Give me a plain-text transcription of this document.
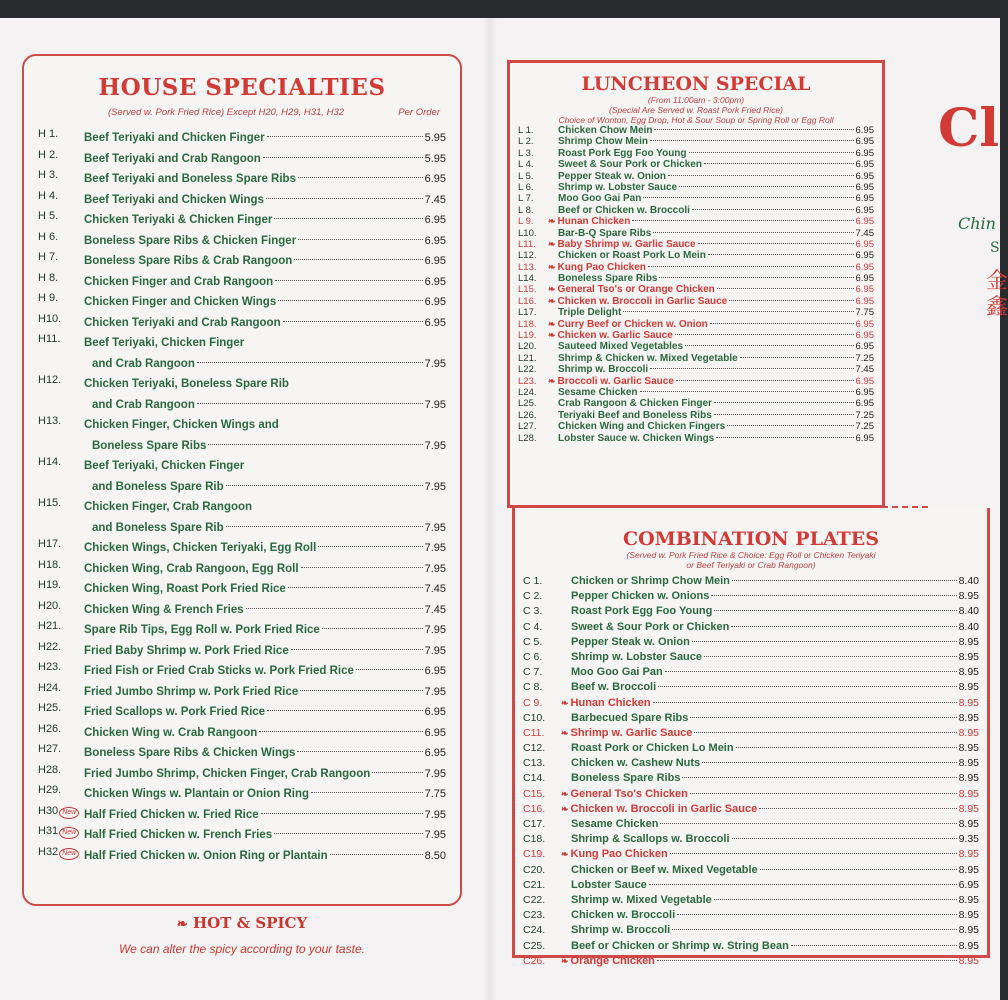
HOUSE SPECIALTIES
(Served w. Pork Fried Rice) Except H20, H29, H31, H32	Per Order
H 1.	Beef Teriyaki and Chicken Finger	5.95
H 2.	Beef Teriyaki and Crab Rangoon	5.95
H 3.	Beef Teriyaki and Boneless Spare Ribs	6.95
H 4.	Beef Teriyaki and Chicken Wings	7.45
H 5.	Chicken Teriyaki & Chicken Finger	6.95
H 6.	Boneless Spare Ribs & Chicken Finger	6.95
H 7.	Boneless Spare Ribs & Crab Rangoon	6.95
H 8.	Chicken Finger and Crab Rangoon	6.95
H 9.	Chicken Finger and Chicken Wings	6.95
H10.	Chicken Teriyaki and Crab Rangoon	6.95
H11.	Beef Teriyaki, Chicken Finger
and Crab Rangoon	7.95
H12.	Chicken Teriyaki, Boneless Spare Rib
and Crab Rangoon	7.95
H13.	Chicken Finger, Chicken Wings and
Boneless Spare Ribs	7.95
H14.	Beef Teriyaki, Chicken Finger
and Boneless Spare Rib	7.95
H15.	Chicken Finger, Crab Rangoon
and Boneless Spare Rib	7.95
H17.	Chicken Wings, Chicken Teriyaki, Egg Roll	7.95
H18.	Chicken Wing, Crab Rangoon, Egg Roll	7.95
H19.	Chicken Wing, Roast Pork Fried Rice	7.45
H20.	Chicken Wing & French Fries	7.45
H21.	Spare Rib Tips, Egg Roll w. Pork Fried Rice	7.95
H22.	Fried Baby Shrimp w. Pork Fried Rice	7.95
H23.	Fried Fish or Fried Crab Sticks w. Pork Fried Rice	6.95
H24.	Fried Jumbo Shrimp w. Pork Fried Rice	7.95
H25.	Fried Scallops w. Pork Fried Rice	6.95
H26.	Chicken Wing w. Crab Rangoon	6.95
H27.	Boneless Spare Ribs & Chicken Wings	6.95
H28.	Fried Jumbo Shrimp, Chicken Finger, Crab Rangoon	7.95
H29.	Chicken Wings w. Plantain or Onion Ring	7.75
H30 New Half Fried Chicken w. Fried Rice	7.95
H31 New Half Fried Chicken w. French Fries	7.95
H32 New Half Fried Chicken w. Onion Ring or Plantain	8.50
❧ HOT & SPICY
We can alter the spicy according to your taste.
LUNCHEON SPECIAL
(From 11:00am - 3:00pm)
(Special Are Served w. Roast Pork Fried Rice)
Choice of Wonton, Egg Drop, Hot & Sour Soup or Spring Roll or Egg Roll
L 1.	Chicken Chow Mein	6.95
L 2.	Shrimp Chow Mein	6.95
L 3.	Roast Pork Egg Foo Young	6.95
L 4.	Sweet & Sour Pork or Chicken	6.95
L 5.	Pepper Steak w. Onion	6.95
L 6.	Shrimp w. Lobster Sauce	6.95
L 7.	Moo Goo Gai Pan	6.95
L 8.	Beef or Chicken w. Broccoli	6.95
L 9.	❧ Hunan Chicken	6.95
L10.	Bar-B-Q Spare Ribs	7.45
L11.	❧ Baby Shrimp w. Garlic Sauce	6.95
L12.	Chicken or Roast Pork Lo Mein	6.95
L13.	❧ Kung Pao Chicken	6.95
L14.	Boneless Spare Ribs	6.95
L15.	❧ General Tso's or Orange Chicken	6.95
L16.	❧ Chicken w. Broccoli in Garlic Sauce	6.95
L17.	Triple Delight	7.75
L18.	❧ Curry Beef or Chicken w. Onion	6.95
L19.	❧ Chicken w. Garlic Sauce	6.95
L20.	Sauteed Mixed Vegetables	6.95
L21.	Shrimp & Chicken w. Mixed Vegetable	7.25
L22.	Shrimp w. Broccoli	7.45
L23.	❧ Broccoli w. Garlic Sauce	6.95
L24.	Sesame Chicken	6.95
L25.	Crab Rangoon & Chicken Finger	6.95
L26.	Teriyaki Beef and Boneless Ribs	7.25
L27.	Chicken Wing and Chicken Fingers	7.25
L28.	Lobster Sauce w. Chicken Wings	6.95
COMBINATION PLATES
(Served w. Pork Fried Rice & Choice: Egg Roll or Chicken Teriyaki
or Beef Teriyaki or Crab Rangoon)
C 1.	Chicken or Shrimp Chow Mein	8.40
C 2.	Pepper Chicken w. Onions	8.95
C 3.	Roast Pork Egg Foo Young	8.40
C 4.	Sweet & Sour Pork or Chicken	8.40
C 5.	Pepper Steak w. Onion	8.95
C 6.	Shrimp w. Lobster Sauce	8.95
C 7.	Moo Goo Gai Pan	8.95
C 8.	Beef w. Broccoli	8.95
C 9.	❧ Hunan Chicken	8.95
C10.	Barbecued Spare Ribs	8.95
C11.	❧ Shrimp w. Garlic Sauce	8.95
C12.	Roast Pork or Chicken Lo Mein	8.95
C13.	Chicken w. Cashew Nuts	8.95
C14.	Boneless Spare Ribs	8.95
C15.	❧ General Tso's Chicken	8.95
C16.	❧ Chicken w. Broccoli in Garlic Sauce	8.95
C17.	Sesame Chicken	8.95
C18.	Shrimp & Scallops w. Broccoli	9.35
C19.	❧ Kung Pao Chicken	8.95
C20.	Chicken or Beef w. Mixed Vegetable	8.95
C21.	Lobster Sauce	6.95
C22.	Shrimp w. Mixed Vegetable	8.95
C23.	Chicken w. Broccoli	8.95
C24.	Shrimp w. Broccoli	8.95
C25.	Beef or Chicken or Shrimp w. String Bean	8.95
C26.	❧ Orange Chicken	8.95
Cl
Chin
S
金 鑫
